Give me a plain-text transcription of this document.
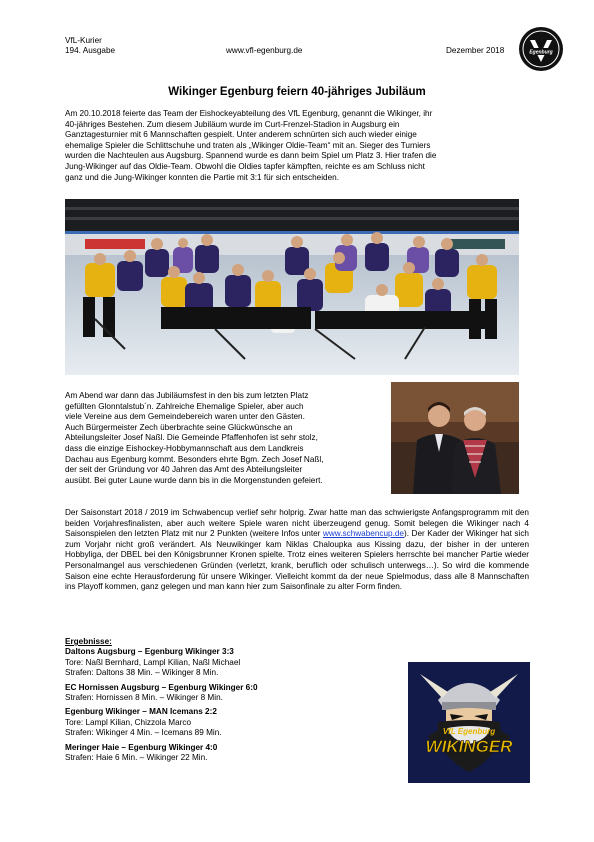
VfL-Kurier
194. Ausgabe	www.vfl-egenburg.de	Dezember 2018	Egenburg
Wikinger Egenburg feiern 40-jähriges Jubiläum
Am 20.10.2018 feierte das Team der Eishockeyabteilung des VfL Egenburg, genannt die Wikinger, ihr
40-jähriges Bestehen. Zum diesem Jubiläum wurde im Curt-Frenzel-Stadion in Augsburg ein
Ganztagesturnier mit 6 Mannschaften gespielt. Unter anderem schnürten sich auch wieder einige
ehemalige Spieler die Schlittschuhe und traten als „Wikinger Oldie-Team“ mit an. Sieger des Turniers
wurden die Nachteulen aus Augsburg. Spannend wurde es dann beim Spiel um Platz 3. Hier trafen die
Jung-Wikinger auf das Oldie-Team. Obwohl die Oldies tapfer kämpften, reichte es am Schluss nicht
ganz und die Jung-Wikinger konnten die Partie mit 3:1 für sich entscheiden.
Am Abend war dann das Jubiläumsfest in den bis zum letzten Platz
gefüllten Glonntalstub´n. Zahlreiche Ehemalige Spieler, aber auch
viele Vereine aus dem Gemeindebereich waren unter den Gästen.
Auch Bürgermeister Zech überbrachte seine Glückwünsche an
Abteilungsleiter Josef Naßl. Die Gemeinde Pfaffenhofen ist sehr stolz,
dass die einzige Eishockey-Hobbymannschaft aus dem Landkreis
Dachau aus Egenburg kommt. Besonders ehrte Bgm. Zech Josef Naßl,
der seit der Gründung vor 40 Jahren das Amt des Abteilungsleiter
ausübt. Bei guter Laune wurde dann bis in die Morgenstunden gefeiert.
Der Saisonstart 2018 / 2019 im Schwabencup verlief sehr holprig. Zwar hatte man das schwierigste Anfangsprogramm mit den beiden Vorjahresfinalisten, aber auch weitere Spiele waren nicht überzeugend genug. Somit belegen die Wikinger nach 4 Saisonspielen den letzten Platz mit nur 2 Punkten (weitere Infos unter www.schwabencup.de). Der Kader der Wikinger hat sich zum Vorjahr nicht groß verändert. Als Neuwikinger kam Niklas Chaloupka aus Kissing dazu, der bisher in der unteren Hobbyliga, der DBEL bei den Königsbrunner Kronen spielte. Trotz eines weiteren Spielers herrschte bei mancher Partie wieder Personalmangel aus verschiedenen Gründen (verletzt, krank, beruflich oder schulisch unterwegs…). So wird die kommende Saison eine echte Herausforderung für unsere Wikinger. Vielleicht kommt da der neue Spielmodus, dass alle 8 Mannschaften ins Playoff kommen, ganz gelegen und man kann hier zum Saisonfinale zu alter Form finden.
Ergebnisse:
Daltons Augsburg – Egenburg Wikinger 3:3
Tore: Naßl Bernhard, Lampl Kilian, Naßl Michael
Strafen: Daltons 38 Min. – Wikinger 8 Min.
EC Hornissen Augsburg – Egenburg Wikinger 6:0
Strafen: Hornissen 8 Min. – Wikinger 8 Min.
Egenburg Wikinger – MAN Icemans 2:2
Tore: Lampl Kilian, Chizzola Marco
Strafen: Wikinger 4 Min. – Icemans 89 Min.
Meringer Haie – Egenburg Wikinger 4:0
Strafen: Haie 6 Min. – Wikinger 22 Min.
VfL Egenburg
WIKINGER
